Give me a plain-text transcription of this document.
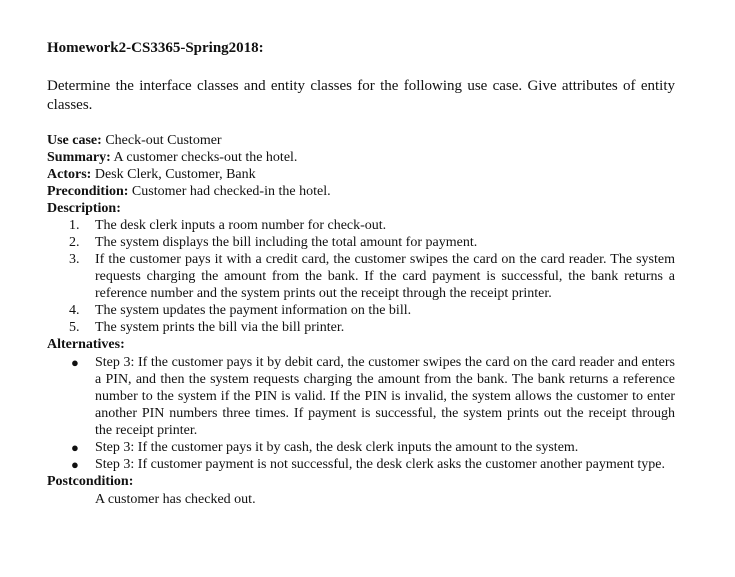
Homework2-CS3365-Spring2018:
Determine the interface classes and entity classes for the following use case. Give attributes of entity classes.
Use case: Check-out Customer
Summary: A customer checks-out the hotel.
Actors: Desk Clerk, Customer, Bank
Precondition: Customer had checked-in the hotel.
Description:
1. The desk clerk inputs a room number for check-out.
2. The system displays the bill including the total amount for payment.
3. If the customer pays it with a credit card, the customer swipes the card on the card reader. The system requests charging the amount from the bank. If the card payment is successful, the bank returns a reference number and the system prints out the receipt through the receipt printer.
4. The system updates the payment information on the bill.
5. The system prints the bill via the bill printer.
Alternatives:
● Step 3: If the customer pays it by debit card, the customer swipes the card on the card reader and enters a PIN, and then the system requests charging the amount from the bank. The bank returns a reference number to the system if the PIN is valid. If the PIN is invalid, the system allows the customer to enter another PIN numbers three times. If payment is successful, the system prints out the receipt through the receipt printer.
● Step 3: If the customer pays it by cash, the desk clerk inputs the amount to the system.
● Step 3: If customer payment is not successful, the desk clerk asks the customer another payment type.
Postcondition:
A customer has checked out.
